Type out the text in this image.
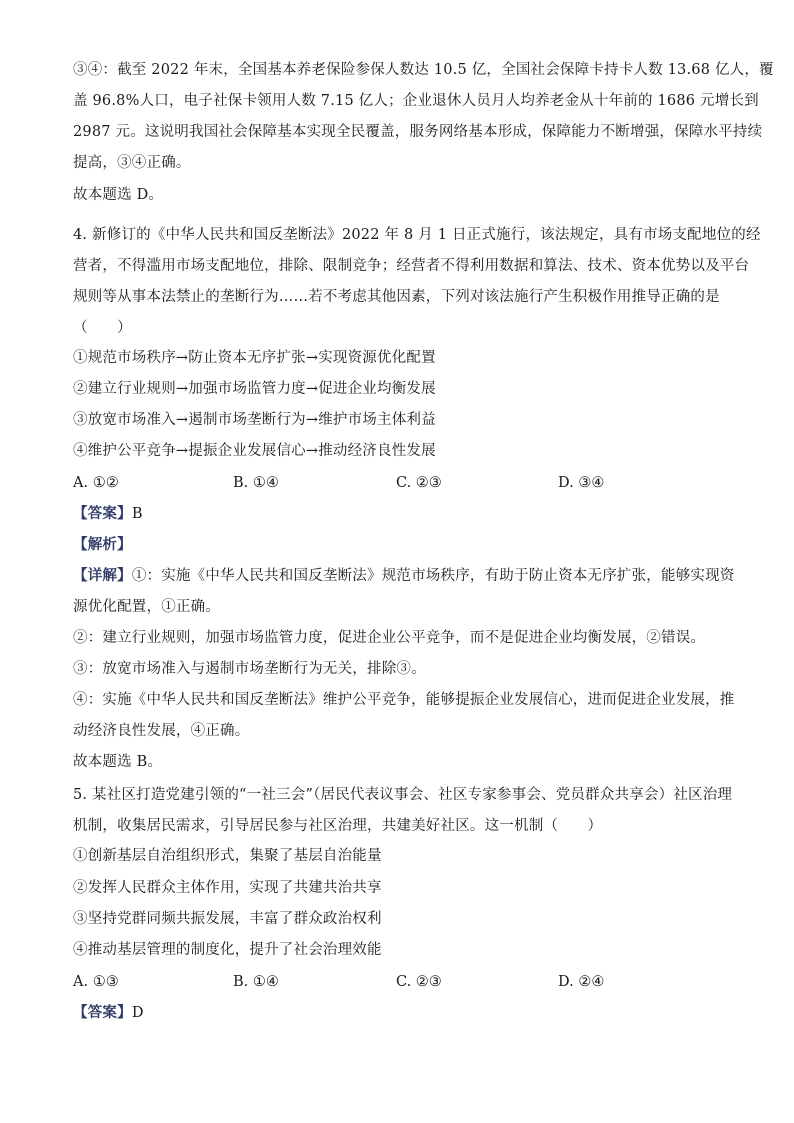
③④：截至 2022 年末，全国基本养老保险参保人数达 10.5 亿，全国社会保障卡持卡人数 13.68 亿人，覆
盖 96.8%人口，电子社保卡领用人数 7.15 亿人；企业退休人员月人均养老金从十年前的 1686 元增长到
2987 元。这说明我国社会保障基本实现全民覆盖，服务网络基本形成，保障能力不断增强，保障水平持续
提高，③④正确。
故本题选 D。
4. 新修订的《中华人民共和国反垄断法》2022 年 8 月 1 日正式施行，该法规定，具有市场支配地位的经
营者，不得滥用市场支配地位，排除、限制竞争；经营者不得利用数据和算法、技术、资本优势以及平台
规则等从事本法禁止的垄断行为……若不考虑其他因素，下列对该法施行产生积极作用推导正确的是
（　　）
①规范市场秩序→防止资本无序扩张→实现资源优化配置
②建立行业规则→加强市场监管力度→促进企业均衡发展
③放宽市场准入→遏制市场垄断行为→维护市场主体利益
④维护公平竞争→提振企业发展信心→推动经济良性发展
A. ①②	B. ①④	C. ②③	D. ③④
【答案】B
【解析】
【详解】①：实施《中华人民共和国反垄断法》规范市场秩序，有助于防止资本无序扩张，能够实现资
源优化配置，①正确。
②：建立行业规则，加强市场监管力度，促进企业公平竞争，而不是促进企业均衡发展，②错误。
③：放宽市场准入与遏制市场垄断行为无关，排除③。
④：实施《中华人民共和国反垄断法》维护公平竞争，能够提振企业发展信心，进而促进企业发展，推
动经济良性发展，④正确。
故本题选 B。
5. 某社区打造党建引领的“一社三会”（居民代表议事会、社区专家参事会、党员群众共享会）社区治理
机制，收集居民需求，引导居民参与社区治理，共建美好社区。这一机制（　　）
①创新基层自治组织形式，集聚了基层自治能量
②发挥人民群众主体作用，实现了共建共治共享
③坚持党群同频共振发展，丰富了群众政治权利
④推动基层管理的制度化，提升了社会治理效能
A. ①③	B. ①④	C. ②③	D. ②④
【答案】D
